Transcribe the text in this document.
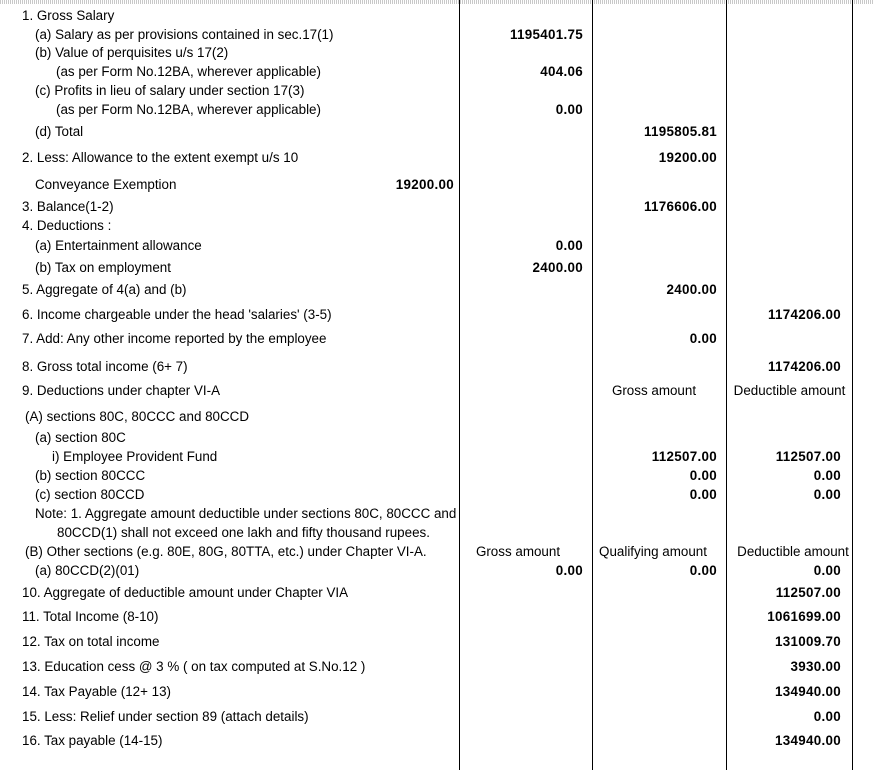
1. Gross Salary
(a) Salary as per provisions contained in sec.17(1)	1195401.75
(b) Value of perquisites u/s 17(2)
(as per Form No.12BA, wherever applicable)	404.06
(c) Profits in lieu of salary under section 17(3)
(as per Form No.12BA, wherever applicable)	0.00
(d) Total	1195805.81
2. Less: Allowance to the extent exempt u/s 10	19200.00
Conveyance Exemption	19200.00
3. Balance(1-2)	1176606.00
4. Deductions :
(a) Entertainment allowance	0.00
(b) Tax on employment	2400.00
5. Aggregate of 4(a) and (b)	2400.00
6. Income chargeable under the head 'salaries' (3-5)	1174206.00
7. Add: Any other income reported by the employee	0.00
8. Gross total income (6+ 7)	1174206.00
9. Deductions under chapter VI-A	Gross amount	Deductible amount
(A) sections 80C, 80CCC and 80CCD
(a) section 80C
i) Employee Provident Fund	112507.00	112507.00
(b) section 80CCC	0.00	0.00
(c) section 80CCD	0.00	0.00
Note: 1. Aggregate amount deductible under sections 80C, 80CCC and
80CCD(1) shall not exceed one lakh and fifty thousand rupees.
(B) Other sections (e.g. 80E, 80G, 80TTA, etc.) under Chapter VI-A.	Gross amount	Qualifying amount	Deductible amount
(a) 80CCD(2)(01)	0.00	0.00	0.00
10. Aggregate of deductible amount under Chapter VIA	112507.00
11. Total Income (8-10)	1061699.00
12. Tax on total income	131009.70
13. Education cess @ 3 % ( on tax computed at S.No.12 )	3930.00
14. Tax Payable (12+ 13)	134940.00
15. Less: Relief under section 89 (attach details)	0.00
16. Tax payable (14-15)	134940.00
